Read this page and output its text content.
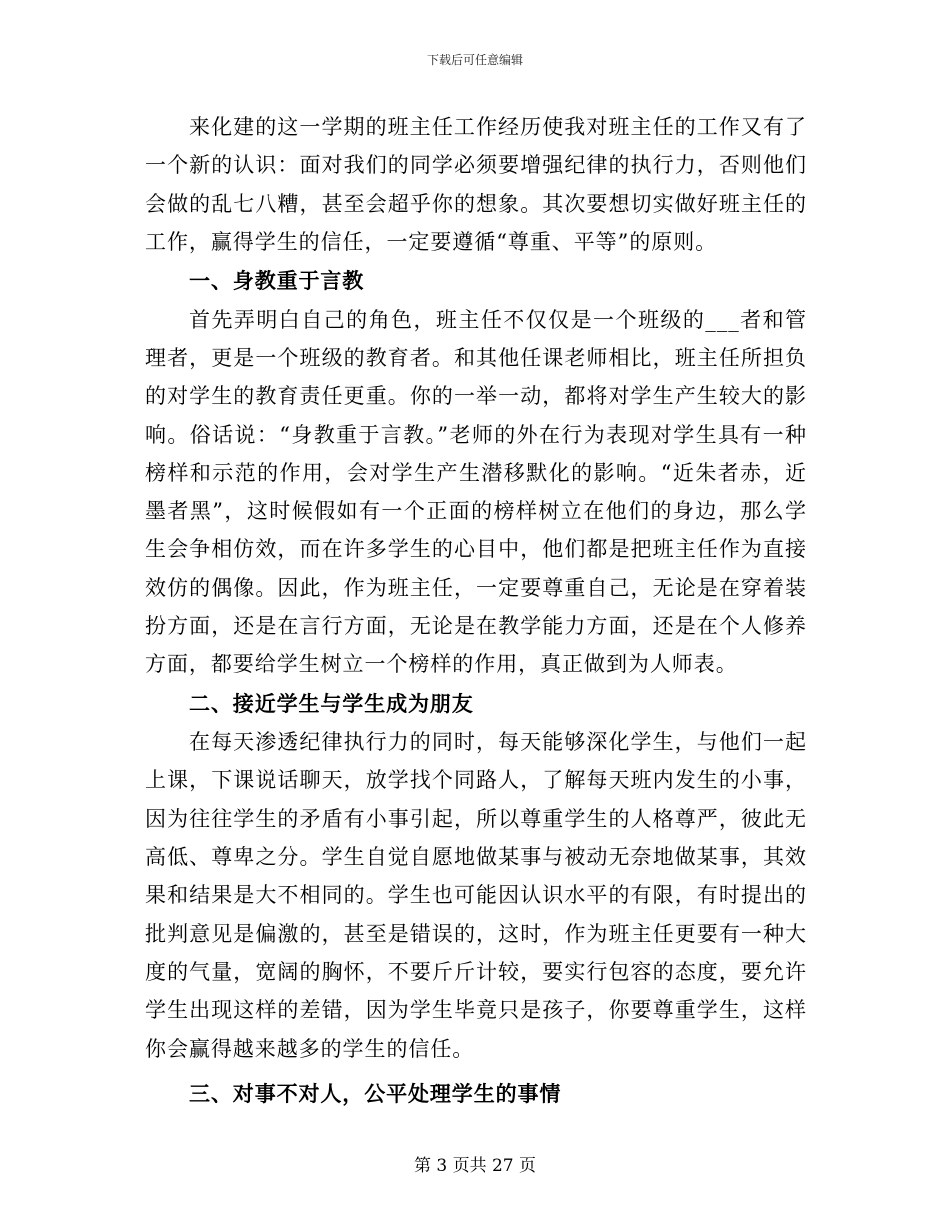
下载后可任意编辑

来化建的这一学期的班主任工作经历使我对班主任的工作又有了一个新的认识：面对我们的同学必须要增强纪律的执行力，否则他们会做的乱七八糟，甚至会超乎你的想象。其次要想切实做好班主任的工作，赢得学生的信任，一定要遵循“尊重、平等”的原则。

一、身教重于言教

首先弄明白自己的角色，班主任不仅仅是一个班级的___者和管理者，更是一个班级的教育者。和其他任课老师相比，班主任所担负的对学生的教育责任更重。你的一举一动，都将对学生产生较大的影响。俗话说：“身教重于言教。”老师的外在行为表现对学生具有一种榜样和示范的作用，会对学生产生潜移默化的影响。“近朱者赤，近墨者黑”，这时候假如有一个正面的榜样树立在他们的身边，那么学生会争相仿效，而在许多学生的心目中，他们都是把班主任作为直接效仿的偶像。因此，作为班主任，一定要尊重自己，无论是在穿着装扮方面，还是在言行方面，无论是在教学能力方面，还是在个人修养方面，都要给学生树立一个榜样的作用，真正做到为人师表。

二、接近学生与学生成为朋友

在每天渗透纪律执行力的同时，每天能够深化学生，与他们一起上课，下课说话聊天，放学找个同路人，了解每天班内发生的小事，因为往往学生的矛盾有小事引起，所以尊重学生的人格尊严，彼此无高低、尊卑之分。学生自觉自愿地做某事与被动无奈地做某事，其效果和结果是大不相同的。学生也可能因认识水平的有限，有时提出的批判意见是偏激的，甚至是错误的，这时，作为班主任更要有一种大度的气量，宽阔的胸怀，不要斤斤计较，要实行包容的态度，要允许学生出现这样的差错，因为学生毕竟只是孩子，你要尊重学生，这样你会赢得越来越多的学生的信任。

三、对事不对人，公平处理学生的事情

第 3 页共 27 页
